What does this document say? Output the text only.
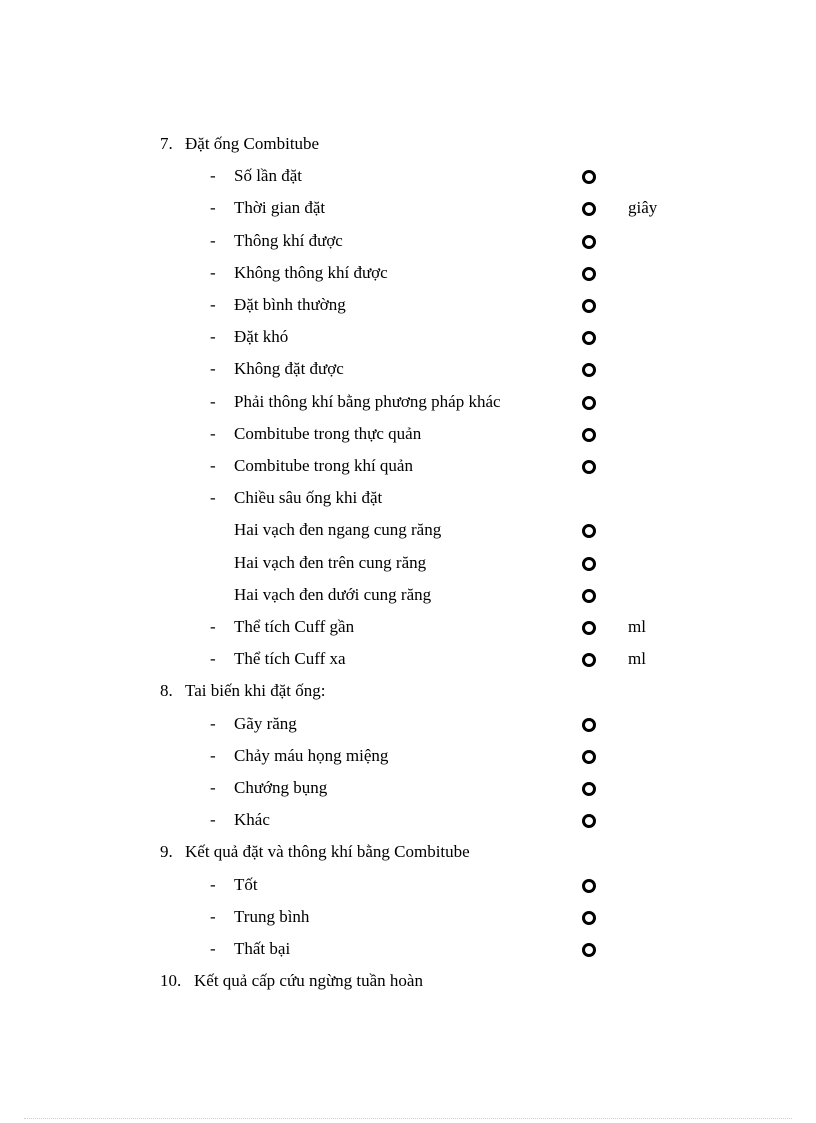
7. Đặt ống Combitube
- Số lần đặt
- Thời gian đặt	giây
- Thông khí được
- Không thông khí được
- Đặt bình thường
- Đặt khó
- Không đặt được
- Phải thông khí bằng phương pháp khác
- Combitube trong thực quản
- Combitube trong khí quản
- Chiều sâu ống khi đặt
Hai vạch đen ngang cung răng
Hai vạch đen trên cung răng
Hai vạch đen dưới cung răng
- Thể tích Cuff gần	ml
- Thể tích Cuff xa	ml
8. Tai biến khi đặt ống:
- Gãy răng
- Chảy máu họng miệng
- Chướng bụng
- Khác
9. Kết quả đặt và thông khí bằng Combitube
- Tốt
- Trung bình
- Thất bại
10. Kết quả cấp cứu ngừng tuần hoàn
